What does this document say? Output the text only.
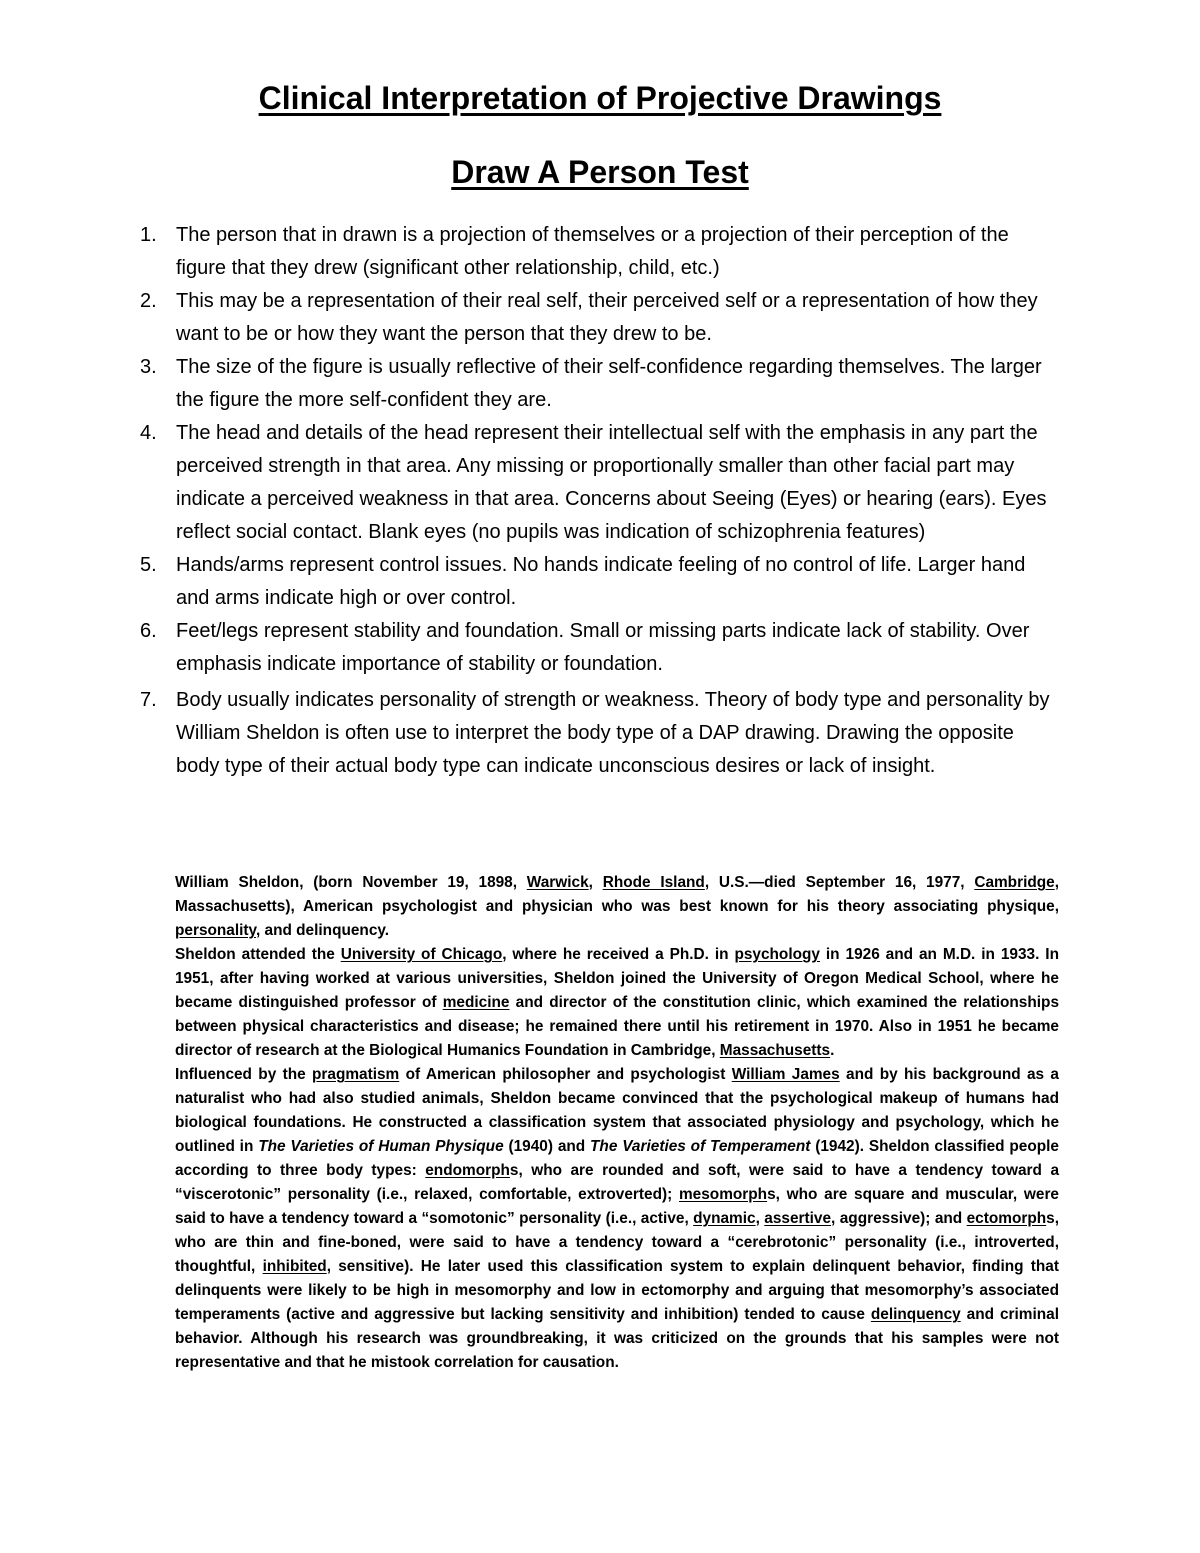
Clinical Interpretation of Projective Drawings
Draw A Person Test
1. The person that in drawn is a projection of themselves or a projection of their perception of the figure that they drew (significant other relationship, child, etc.)
2. This may be a representation of their real self, their perceived self or a representation of how they want to be or how they want the person that they drew to be.
3. The size of the figure is usually reflective of their self-confidence regarding themselves. The larger the figure the more self-confident they are.
4. The head and details of the head represent their intellectual self with the emphasis in any part the perceived strength in that area. Any missing or proportionally smaller than other facial part may indicate a perceived weakness in that area. Concerns about Seeing (Eyes) or hearing (ears). Eyes reflect social contact. Blank eyes (no pupils was indication of schizophrenia features)
5. Hands/arms represent control issues. No hands indicate feeling of no control of life. Larger hand and arms indicate high or over control.
6. Feet/legs represent stability and foundation. Small or missing parts indicate lack of stability. Over emphasis indicate importance of stability or foundation.
7. Body usually indicates personality of strength or weakness. Theory of body type and personality by William Sheldon is often use to interpret the body type of a DAP drawing. Drawing the opposite body type of their actual body type can indicate unconscious desires or lack of insight.

William Sheldon, (born November 19, 1898, Warwick, Rhode Island, U.S.—died September 16, 1977, Cambridge, Massachusetts), American psychologist and physician who was best known for his theory associating physique, personality, and delinquency.

Sheldon attended the University of Chicago, where he received a Ph.D. in psychology in 1926 and an M.D. in 1933. In 1951, after having worked at various universities, Sheldon joined the University of Oregon Medical School, where he became distinguished professor of medicine and director of the constitution clinic, which examined the relationships between physical characteristics and disease; he remained there until his retirement in 1970. Also in 1951 he became director of research at the Biological Humanics Foundation in Cambridge, Massachusetts.

Influenced by the pragmatism of American philosopher and psychologist William James and by his background as a naturalist who had also studied animals, Sheldon became convinced that the psychological makeup of humans had biological foundations. He constructed a classification system that associated physiology and psychology, which he outlined in The Varieties of Human Physique (1940) and The Varieties of Temperament (1942). Sheldon classified people according to three body types: endomorphs, who are rounded and soft, were said to have a tendency toward a “viscerotonic” personality (i.e., relaxed, comfortable, extroverted); mesomorphs, who are square and muscular, were said to have a tendency toward a “somotonic” personality (i.e., active, dynamic, assertive, aggressive); and ectomorphs, who are thin and fine-boned, were said to have a tendency toward a “cerebrotonic” personality (i.e., introverted, thoughtful, inhibited, sensitive). He later used this classification system to explain delinquent behavior, finding that delinquents were likely to be high in mesomorphy and low in ectomorphy and arguing that mesomorphy’s associated temperaments (active and aggressive but lacking sensitivity and inhibition) tended to cause delinquency and criminal behavior. Although his research was groundbreaking, it was criticized on the grounds that his samples were not representative and that he mistook correlation for causation.
